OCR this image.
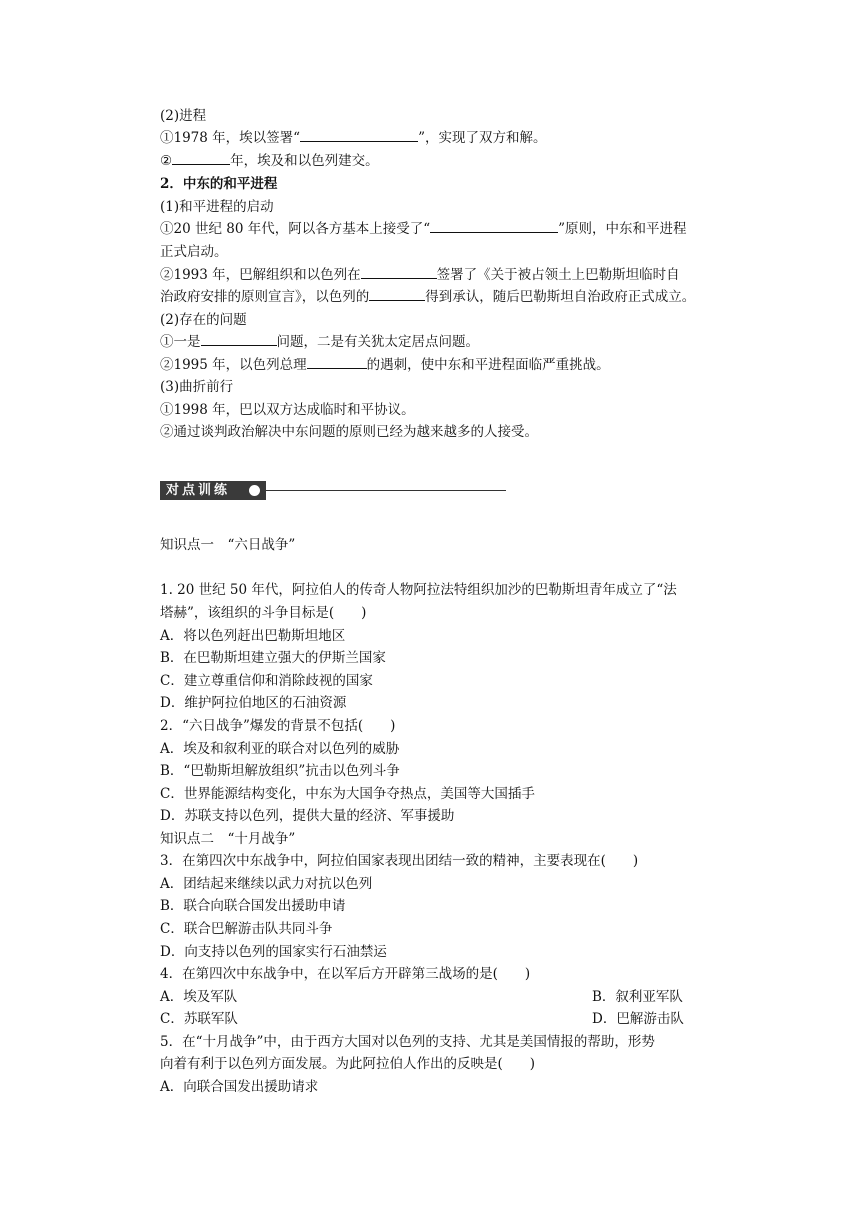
(2)进程
①1978 年，埃以签署“	”，实现了双方和解。
②	年，埃及和以色列建交。
2．中东的和平进程
(1)和平进程的启动
①20 世纪 80 年代，阿以各方基本上接受了“	”原则，中东和平进程
正式启动。
②1993 年，巴解组织和以色列在	签署了《关于被占领土上巴勒斯坦临时自
治政府安排的原则宣言》，以色列的	得到承认，随后巴勒斯坦自治政府正式成立。
(2)存在的问题
①一是	问题，二是有关犹太定居点问题。
②1995 年，以色列总理	的遇刺，使中东和平进程面临严重挑战。
(3)曲折前行
①1998 年，巴以双方达成临时和平协议。
②通过谈判政治解决中东问题的原则已经为越来越多的人接受。
对点训练
知识点一　“六日战争”
1. 20 世纪 50 年代，阿拉伯人的传奇人物阿拉法特组织加沙的巴勒斯坦青年成立了“法
塔赫”，该组织的斗争目标是(　　)
A．将以色列赶出巴勒斯坦地区
B．在巴勒斯坦建立强大的伊斯兰国家
C．建立尊重信仰和消除歧视的国家
D．维护阿拉伯地区的石油资源
2．“六日战争”爆发的背景不包括(　　)
A．埃及和叙利亚的联合对以色列的威胁
B．“巴勒斯坦解放组织”抗击以色列斗争
C．世界能源结构变化，中东为大国争夺热点，美国等大国插手
D．苏联支持以色列，提供大量的经济、军事援助
知识点二　“十月战争”
3．在第四次中东战争中，阿拉伯国家表现出团结一致的精神，主要表现在(　　)
A．团结起来继续以武力对抗以色列
B．联合向联合国发出援助申请
C．联合巴解游击队共同斗争
D．向支持以色列的国家实行石油禁运
4．在第四次中东战争中，在以军后方开辟第三战场的是(　　)
A．埃及军队	B．叙利亚军队
C．苏联军队	D．巴解游击队
5．在“十月战争”中，由于西方大国对以色列的支持、尤其是美国情报的帮助，形势
向着有利于以色列方面发展。为此阿拉伯人作出的反映是(　　)
A．向联合国发出援助请求
